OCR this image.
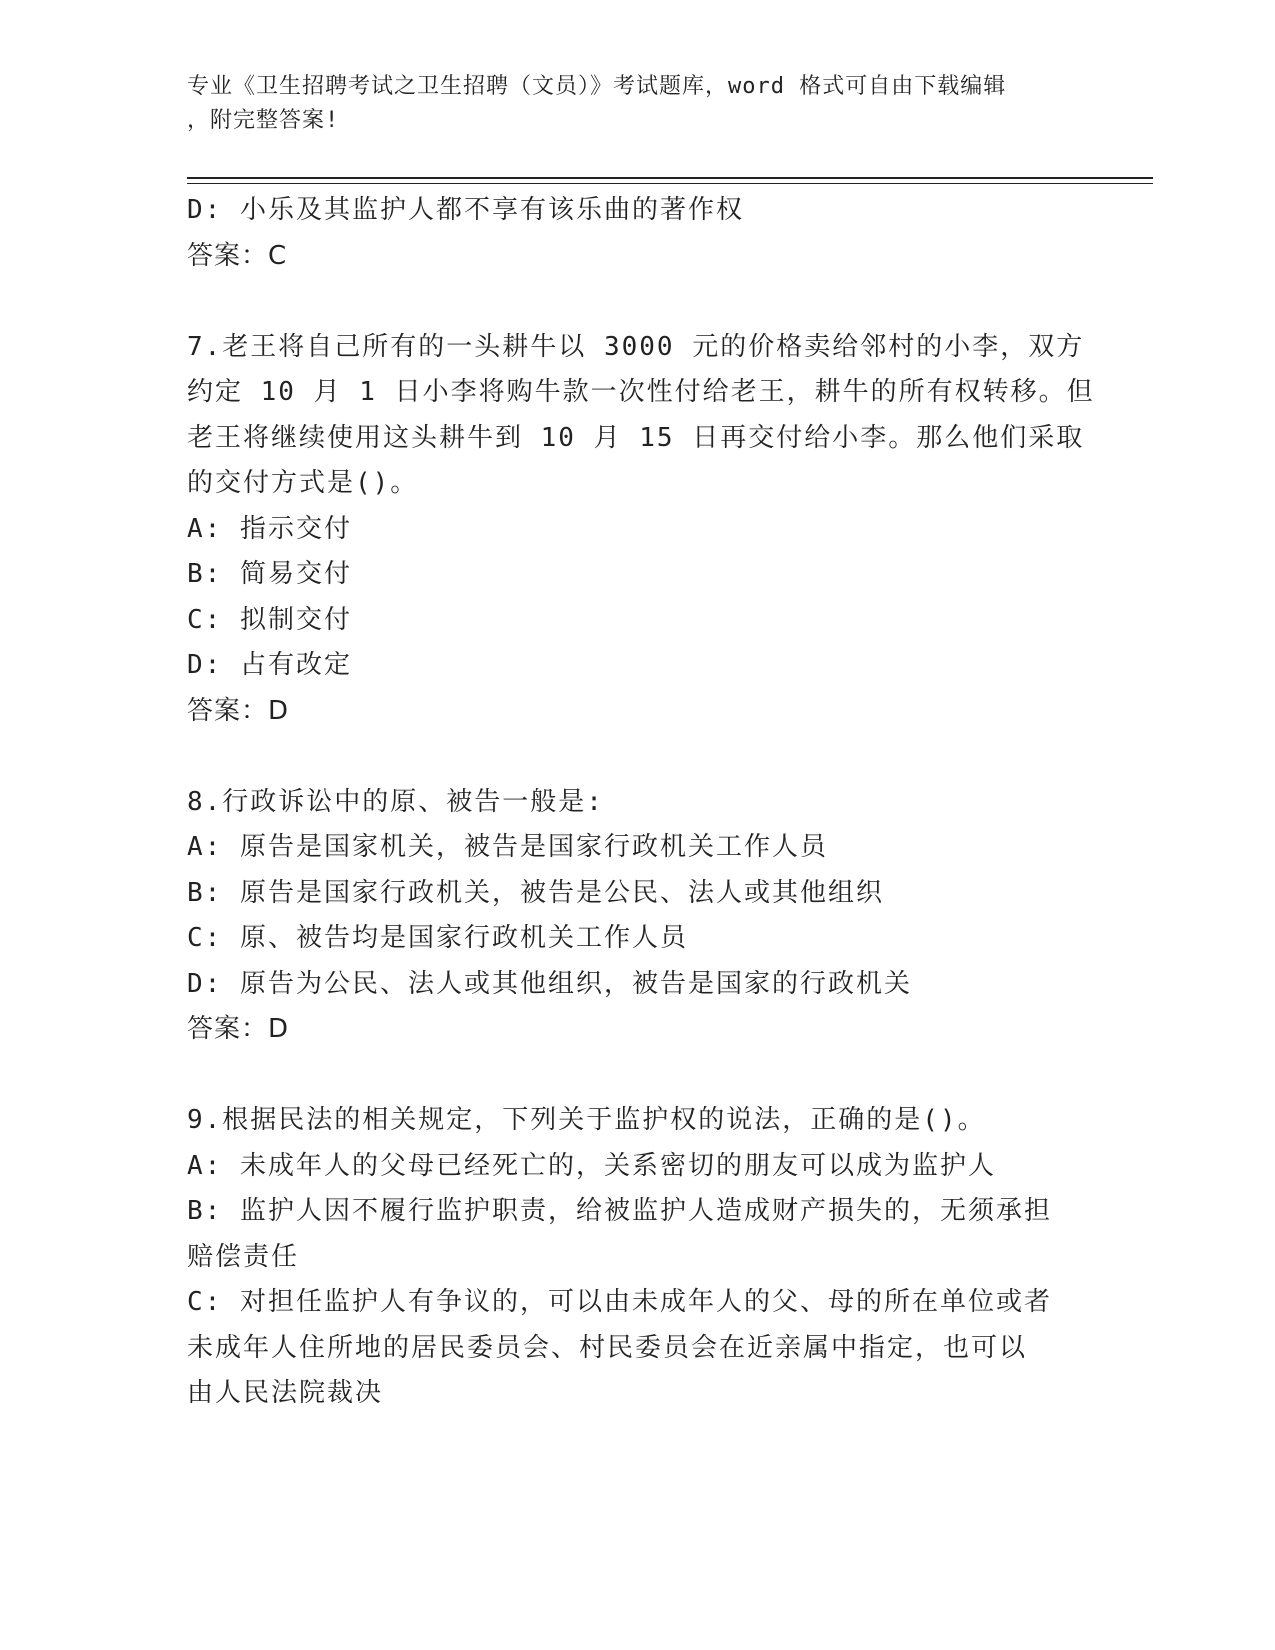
专业《卫生招聘考试之卫生招聘（文员）》考试题库，word 格式可自由下载编辑
，附完整答案!
D: 小乐及其监护人都不享有该乐曲的著作权
答案：C
7.老王将自己所有的一头耕牛以 3000 元的价格卖给邻村的小李，双方
约定 10 月 1 日小李将购牛款一次性付给老王，耕牛的所有权转移。但
老王将继续使用这头耕牛到 10 月 15 日再交付给小李。那么他们采取
的交付方式是()。
A: 指示交付
B: 简易交付
C: 拟制交付
D: 占有改定
答案：D
8.行政诉讼中的原、被告一般是:
A: 原告是国家机关，被告是国家行政机关工作人员
B: 原告是国家行政机关，被告是公民、法人或其他组织
C: 原、被告均是国家行政机关工作人员
D: 原告为公民、法人或其他组织，被告是国家的行政机关
答案：D
9.根据民法的相关规定，下列关于监护权的说法，正确的是()。
A: 未成年人的父母已经死亡的，关系密切的朋友可以成为监护人
B: 监护人因不履行监护职责，给被监护人造成财产损失的，无须承担
赔偿责任
C: 对担任监护人有争议的，可以由未成年人的父、母的所在单位或者
未成年人住所地的居民委员会、村民委员会在近亲属中指定，也可以
由人民法院裁决
